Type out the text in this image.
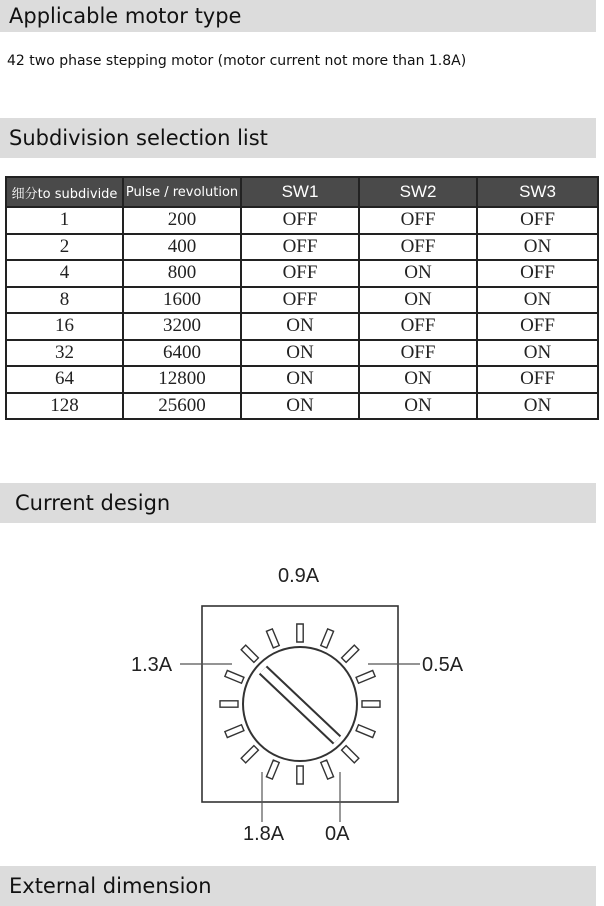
Applicable motor type
42 two phase stepping motor (motor current not more than 1.8A)
Subdivision selection list
细分to subdivide	Pulse / revolution	SW1	SW2	SW3
1	200	OFF	OFF	OFF
2	400	OFF	OFF	ON
4	800	OFF	ON	OFF
8	1600	OFF	ON	ON
16	3200	ON	OFF	OFF
32	6400	ON	OFF	ON
64	12800	ON	ON	OFF
128	25600	ON	ON	ON
Current design
0.9A
1.3A	0.5A
1.8A 0A
External dimension
